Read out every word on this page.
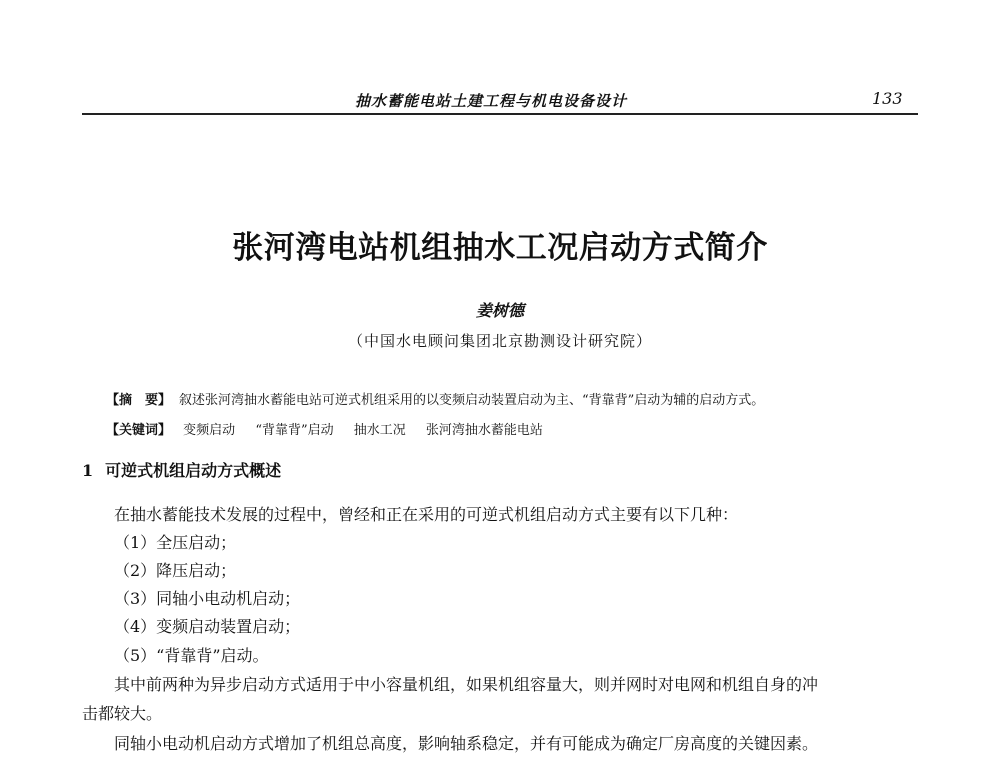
抽水蓄能电站土建工程与机电设备设计	133
张河湾电站机组抽水工况启动方式简介
姜树德
（中国水电顾问集团北京勘测设计研究院）
【摘　要】 叙述张河湾抽水蓄能电站可逆式机组采用的以变频启动装置启动为主、“背靠背”启动为辅的启动方式。
【关键词】 变频启动 “背靠背”启动 抽水工况 张河湾抽水蓄能电站
1 可逆式机组启动方式概述
在抽水蓄能技术发展的过程中，曾经和正在采用的可逆式机组启动方式主要有以下几种：
（1）全压启动；
（2）降压启动；
（3）同轴小电动机启动；
（4）变频启动装置启动；
（5）“背靠背”启动。
其中前两种为异步启动方式适用于中小容量机组，如果机组容量大，则并网时对电网和机组自身的冲
击都较大。
同轴小电动机启动方式增加了机组总高度，影响轴系稳定，并有可能成为确定厂房高度的关键因素。
